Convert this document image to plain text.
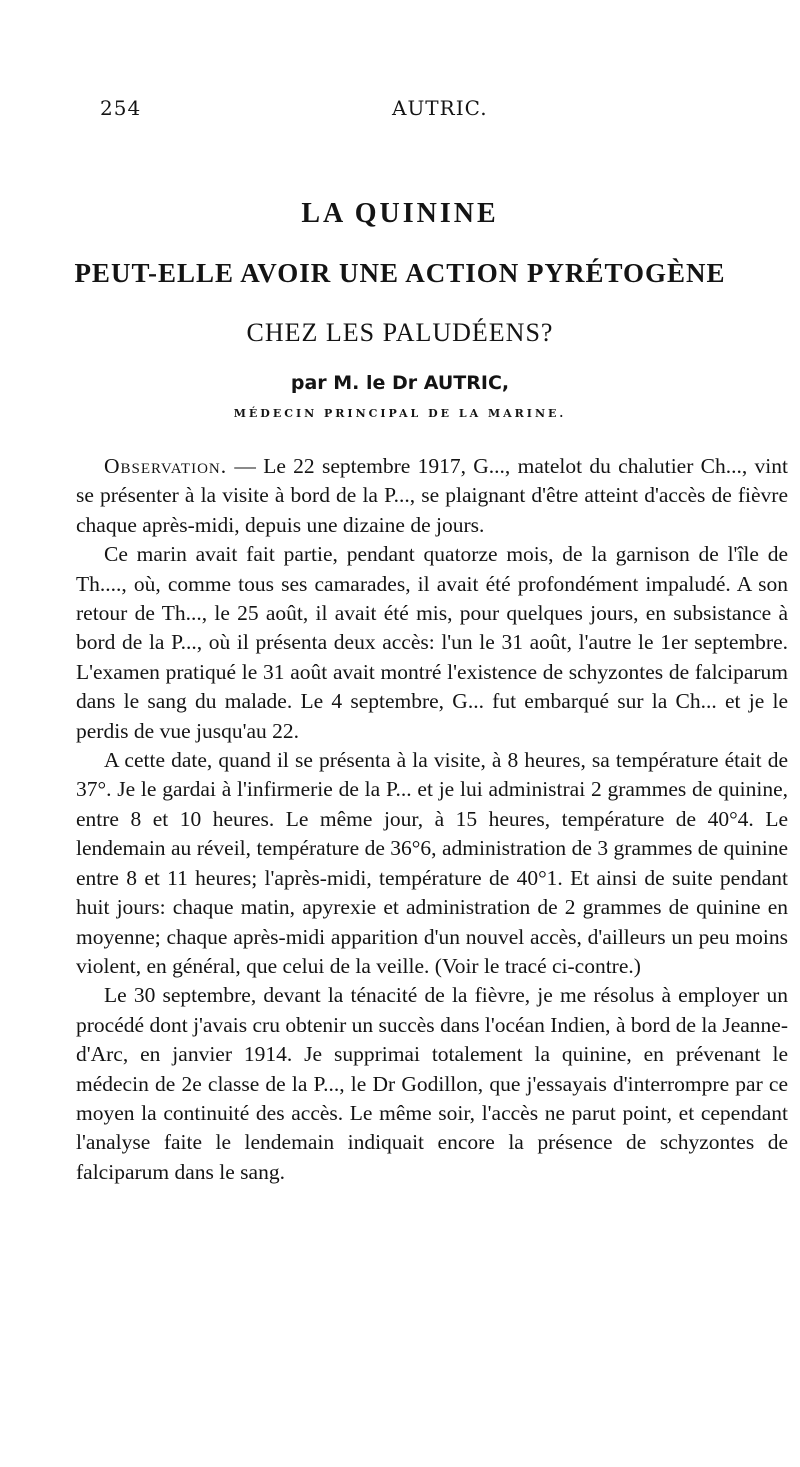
254	AUTRIC.
LA QUININE
PEUT-ELLE AVOIR UNE ACTION PYRÉTOGÈNE
CHEZ LES PALUDÉENS?
par M. le Dr AUTRIC,
MÉDECIN PRINCIPAL DE LA MARINE.

Observation. — Le 22 septembre 1917, G..., matelot du chalutier Ch..., vint se présenter à la visite à bord de la P..., se plaignant d'être atteint d'accès de fièvre chaque après-midi, depuis une dizaine de jours.

Ce marin avait fait partie, pendant quatorze mois, de la garnison de l'île de Th...., où, comme tous ses camarades, il avait été profondément impaludé. A son retour de Th..., le 25 août, il avait été mis, pour quelques jours, en subsistance à bord de la P..., où il présenta deux accès: l'un le 31 août, l'autre le 1er septembre. L'examen pratiqué le 31 août avait montré l'existence de schyzontes de falciparum dans le sang du malade. Le 4 septembre, G... fut embarqué sur la Ch... et je le perdis de vue jusqu'au 22.

A cette date, quand il se présenta à la visite, à 8 heures, sa température était de 37°. Je le gardai à l'infirmerie de la P... et je lui administrai 2 grammes de quinine, entre 8 et 10 heures. Le même jour, à 15 heures, température de 40°4. Le lendemain au réveil, température de 36°6, administration de 3 grammes de quinine entre 8 et 11 heures; l'après-midi, température de 40°1. Et ainsi de suite pendant huit jours: chaque matin, apyrexie et administration de 2 grammes de quinine en moyenne; chaque après-midi apparition d'un nouvel accès, d'ailleurs un peu moins violent, en général, que celui de la veille. (Voir le tracé ci-contre.)

Le 30 septembre, devant la ténacité de la fièvre, je me résolus à employer un procédé dont j'avais cru obtenir un succès dans l'océan Indien, à bord de la Jeanne-d'Arc, en janvier 1914. Je supprimai totalement la quinine, en prévenant le médecin de 2e classe de la P..., le Dr Godillon, que j'essayais d'interrompre par ce moyen la continuité des accès. Le même soir, l'accès ne parut point, et cependant l'analyse faite le lendemain indiquait encore la présence de schyzontes de falciparum dans le sang.
